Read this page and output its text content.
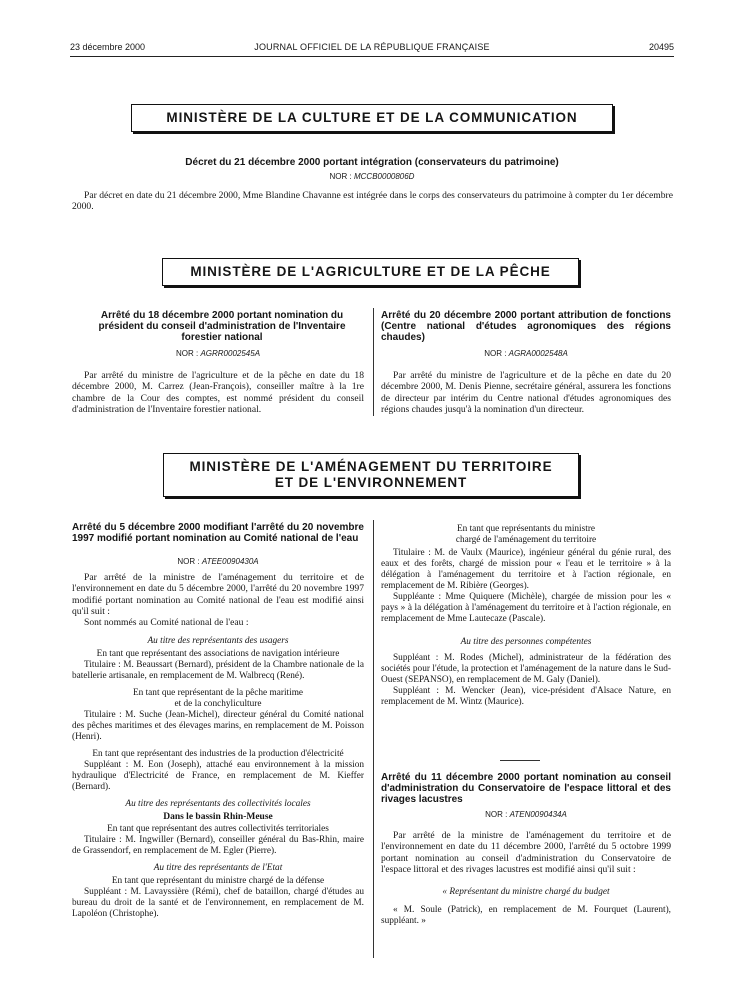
23 décembre 2000	JOURNAL OFFICIEL DE LA RÉPUBLIQUE FRANÇAISE	20495
MINISTÈRE DE LA CULTURE ET DE LA COMMUNICATION
Décret du 21 décembre 2000 portant intégration (conservateurs du patrimoine)
NOR : MCCB0000806D

Par décret en date du 21 décembre 2000, Mme Blandine Chavanne est intégrée dans le corps des conservateurs du patrimoine à compter du 1er décembre 2000.

MINISTÈRE DE L'AGRICULTURE ET DE LA PÊCHE
Arrêté du 18 décembre 2000 portant nomination du président du conseil d'administration de l'Inventaire forestier national
NOR : AGRR0002545A

Par arrêté du ministre de l'agriculture et de la pêche en date du 18 décembre 2000, M. Carrez (Jean-François), conseiller maître à la 1re chambre de la Cour des comptes, est nommé président du conseil d'administration de l'Inventaire forestier national.

Arrêté du 20 décembre 2000 portant attribution de fonctions (Centre national d'études agronomiques des régions chaudes)
NOR : AGRA0002548A

Par arrêté du ministre de l'agriculture et de la pêche en date du 20 décembre 2000, M. Denis Pienne, secrétaire général, assurera les fonctions de directeur par intérim du Centre national d'études agronomiques des régions chaudes jusqu'à la nomination d'un directeur.

MINISTÈRE DE L'AMÉNAGEMENT DU TERRITOIRE
ET DE L'ENVIRONNEMENT
Arrêté du 5 décembre 2000 modifiant l'arrêté du 20 novembre 1997 modifié portant nomination au Comité national de l'eau
NOR : ATEE0090430A

Par arrêté de la ministre de l'aménagement du territoire et de l'environnement en date du 5 décembre 2000, l'arrêté du 20 novembre 1997 modifié portant nomination au Comité national de l'eau est modifié ainsi qu'il suit :

Sont nommés au Comité national de l'eau :

Au titre des représentants des usagers
En tant que représentant des associations de navigation intérieure
Titulaire : M. Beaussart (Bernard), président de la Chambre nationale de la batellerie artisanale, en remplacement de M. Walbrecq (René).
En tant que représentant de la pêche maritime
et de la conchyliculture
Titulaire : M. Suche (Jean-Michel), directeur général du Comité national des pêches maritimes et des élevages marins, en remplacement de M. Poisson (Henri).
En tant que représentant des industries de la production d'électricité
Suppléant : M. Eon (Joseph), attaché eau environnement à la mission hydraulique d'Electricité de France, en remplacement de M. Kieffer (Bernard).
Au titre des représentants des collectivités locales
Dans le bassin Rhin-Meuse
En tant que représentant des autres collectivités territoriales
Titulaire : M. Ingwiller (Bernard), conseiller général du Bas-Rhin, maire de Grassendorf, en remplacement de M. Egler (Pierre).
Au titre des représentants de l'Etat
En tant que représentant du ministre chargé de la défense
Suppléant : M. Lavayssière (Rémi), chef de bataillon, chargé d'études au bureau du droit de la santé et de l'environnement, en remplacement de M. Lapoléon (Christophe).
En tant que représentants du ministre
chargé de l'aménagement du territoire
Titulaire : M. de Vaulx (Maurice), ingénieur général du génie rural, des eaux et des forêts, chargé de mission pour « l'eau et le territoire » à la délégation à l'aménagement du territoire et à l'action régionale, en remplacement de M. Ribière (Georges).
Suppléante : Mme Quiquere (Michèle), chargée de mission pour les « pays » à la délégation à l'aménagement du territoire et à l'action régionale, en remplacement de Mme Lautecaze (Pascale).
Au titre des personnes compétentes
Suppléant : M. Rodes (Michel), administrateur de la fédération des sociétés pour l'étude, la protection et l'aménagement de la nature dans le Sud-Ouest (SEPANSO), en remplacement de M. Galy (Daniel).
Suppléant : M. Wencker (Jean), vice-président d'Alsace Nature, en remplacement de M. Wintz (Maurice).
Arrêté du 11 décembre 2000 portant nomination au conseil d'administration du Conservatoire de l'espace littoral et des rivages lacustres
NOR : ATEN0090434A

Par arrêté de la ministre de l'aménagement du territoire et de l'environnement en date du 11 décembre 2000, l'arrêté du 5 octobre 1999 portant nomination au conseil d'administration du Conservatoire de l'espace littoral et des rivages lacustres est modifié ainsi qu'il suit :

« Représentant du ministre chargé du budget
« M. Soule (Patrick), en remplacement de M. Fourquet (Laurent), suppléant. »
